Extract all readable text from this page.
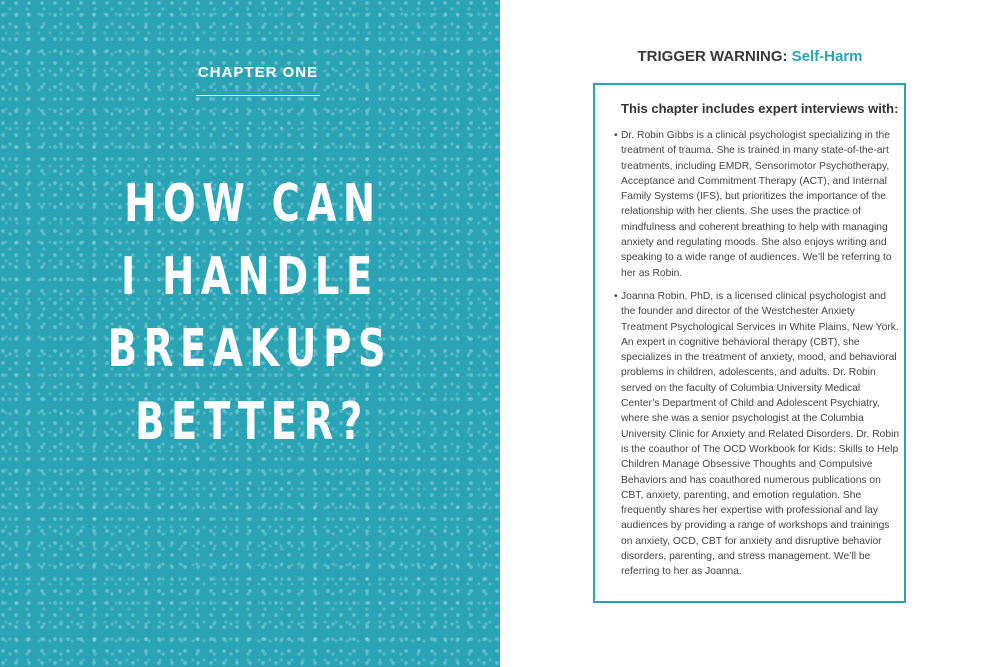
CHAPTER ONE
HOW CAN
I HANDLE
BREAKUPS
BETTER?
TRIGGER WARNING: Self-Harm
This chapter includes expert interviews with:
• Dr. Robin Gibbs is a clinical psychologist specializing in the treatment of trauma. She is trained in many state-of-the-art treatments, including EMDR, Sensorimotor Psychotherapy, Acceptance and Commitment Therapy (ACT), and Internal Family Systems (IFS), but prioritizes the importance of the relationship with her clients. She uses the practice of mindfulness and coherent breathing to help with managing anxiety and regulating moods. She also enjoys writing and speaking to a wide range of audiences. We’ll be referring to her as Robin.
• Joanna Robin, PhD, is a licensed clinical psychologist and the founder and director of the Westchester Anxiety Treatment Psychological Services in White Plains, New York. An expert in cognitive behavioral therapy (CBT), she specializes in the treatment of anxiety, mood, and behavioral problems in children, adolescents, and adults. Dr. Robin served on the faculty of Columbia University Medical Center’s Department of Child and Adolescent Psychiatry, where she was a senior psychologist at the Columbia University Clinic for Anxiety and Related Disorders. Dr. Robin is the coauthor of The OCD Workbook for Kids: Skills to Help Children Manage Obsessive Thoughts and Compulsive Behaviors and has coauthored numerous publications on CBT, anxiety, parenting, and emotion regulation. She frequently shares her expertise with professional and lay audiences by providing a range of workshops and trainings on anxiety, OCD, CBT for anxiety and disruptive behavior disorders, parenting, and stress management. We’ll be referring to her as Joanna.
